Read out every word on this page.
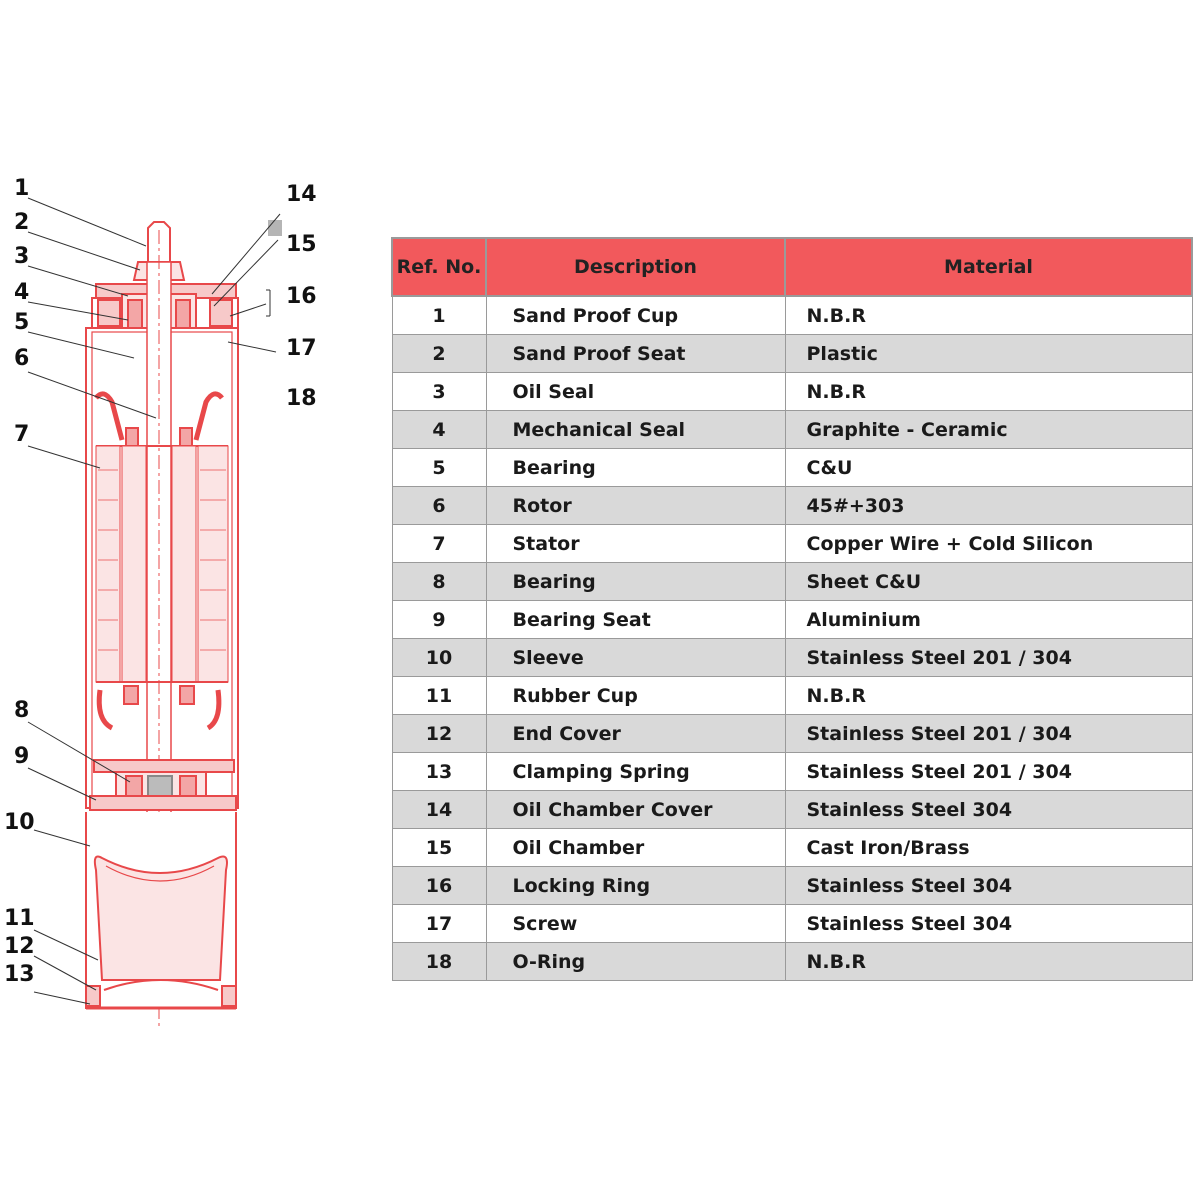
1
2
3
4
5
6
7
8
9
10
11
12
13
14
15
16
17
18
Ref. No.	Description	Material
1	Sand Proof Cup	N.B.R
2	Sand Proof Seat	Plastic
3	Oil Seal	N.B.R
4	Mechanical Seal	Graphite - Ceramic
5	Bearing	C&U
6	Rotor	45#+303
7	Stator	Copper Wire + Cold Silicon
8	Bearing	Sheet C&U
9	Bearing Seat	Aluminium
10	Sleeve	Stainless Steel 201 / 304
11	Rubber Cup	N.B.R
12	End Cover	Stainless Steel 201 / 304
13	Clamping Spring	Stainless Steel 201 / 304
14	Oil Chamber Cover	Stainless Steel 304
15	Oil Chamber	Cast Iron/Brass
16	Locking Ring	Stainless Steel 304
17	Screw	Stainless Steel 304
18	O-Ring	N.B.R
